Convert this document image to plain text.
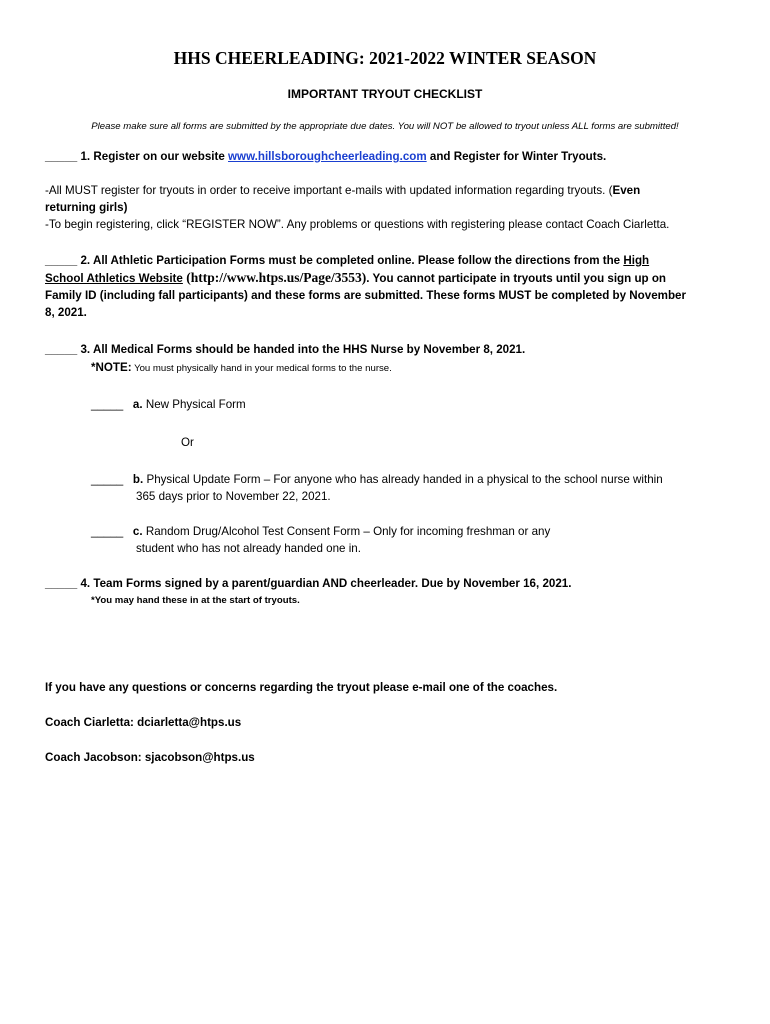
HHS CHEERLEADING: 2021-2022 WINTER SEASON
IMPORTANT TRYOUT CHECKLIST
Please make sure all forms are submitted by the appropriate due dates. You will NOT be allowed to tryout unless ALL forms are submitted!
_____ 1. Register on our website www.hillsboroughcheerleading.com and Register for Winter Tryouts.
-All MUST register for tryouts in order to receive important e-mails with updated information regarding tryouts. (Even
returning girls)
-To begin registering, click “REGISTER NOW”. Any problems or questions with registering please contact Coach Ciarletta.
_____ 2. All Athletic Participation Forms must be completed online. Please follow the directions from the High
School Athletics Website (http://www.htps.us/Page/3553). You cannot participate in tryouts until you sign up on
Family ID (including fall participants) and these forms are submitted. These forms MUST be completed by November
8, 2021.
_____ 3. All Medical Forms should be handed into the HHS Nurse by November 8, 2021.
*NOTE: You must physically hand in your medical forms to the nurse.
_____ a. New Physical Form
Or
_____ b. Physical Update Form – For anyone who has already handed in a physical to the school nurse within
365 days prior to November 22, 2021.
_____ c. Random Drug/Alcohol Test Consent Form – Only for incoming freshman or any
student who has not already handed one in.
_____ 4. Team Forms signed by a parent/guardian AND cheerleader. Due by November 16, 2021.
*You may hand these in at the start of tryouts.
If you have any questions or concerns regarding the tryout please e-mail one of the coaches.
Coach Ciarletta: dciarletta@htps.us
Coach Jacobson: sjacobson@htps.us
